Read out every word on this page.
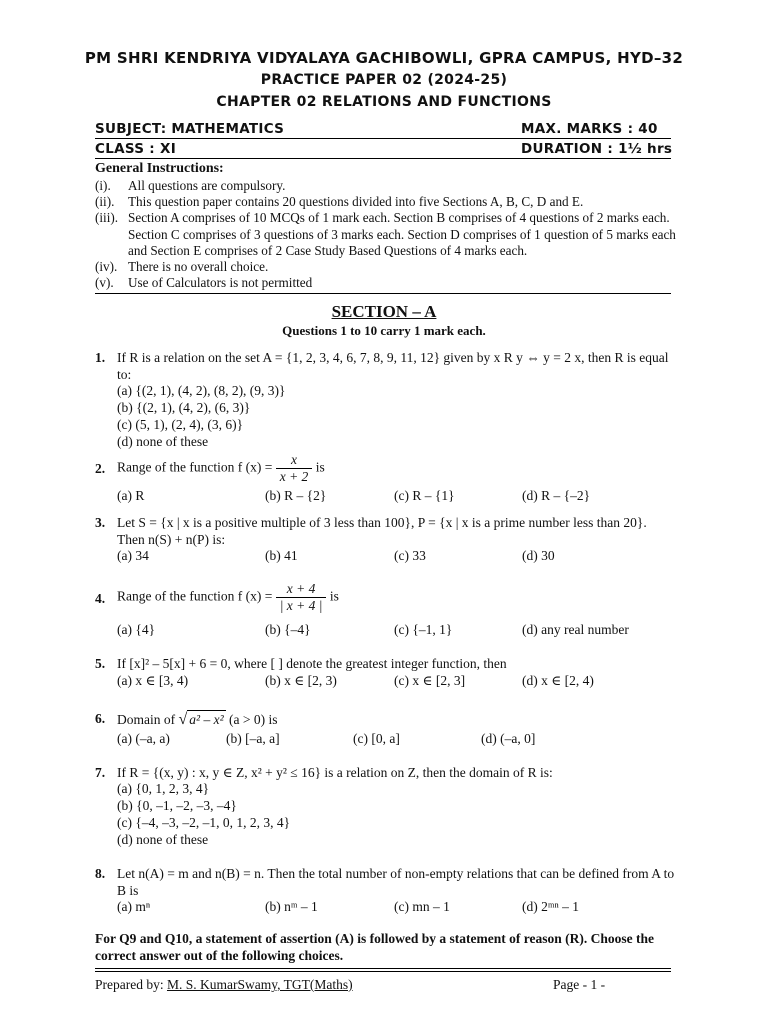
PM SHRI KENDRIYA VIDYALAYA GACHIBOWLI, GPRA CAMPUS, HYD–32
PRACTICE PAPER 02 (2024-25)
CHAPTER 02 RELATIONS AND FUNCTIONS
SUBJECT: MATHEMATICS	MAX. MARKS : 40
CLASS : XI	DURATION : 1½ hrs
General Instructions:
(i). All questions are compulsory.
(ii). This question paper contains 20 questions divided into five Sections A, B, C, D and E.
(iii). Section A comprises of 10 MCQs of 1 mark each. Section B comprises of 4 questions of 2 marks each. Section C comprises of 3 questions of 3 marks each. Section D comprises of 1 question of 5 marks each and Section E comprises of 2 Case Study Based Questions of 4 marks each.
(iv). There is no overall choice.
(v). Use of Calculators is not permitted
SECTION – A
Questions 1 to 10 carry 1 mark each.
1. If R is a relation on the set A = {1, 2, 3, 4, 6, 7, 8, 9, 11, 12} given by x R y ⇔ y = 2 x, then R is equal to:
(a) {(2, 1), (4, 2), (8, 2), (9, 3)}
(b) {(2, 1), (4, 2), (6, 3)}
(c) (5, 1), (2, 4), (3, 6)}
(d) none of these
2. Range of the function f $(x) = \frac{x}{x + 2}$ is
(a) R	(b) R – {2}	(c) R – {1}	(d) R – {–2}
3. Let S = {x | x is a positive multiple of 3 less than 100}, P = {x | x is a prime number less than 20}. Then n(S) + n(P) is:
(a) 34	(b) 41	(c) 33	(d) 30
4. Range of the function f $(x) = \frac{x + 4}{| x + 4 |}$ is
(a) {4}	(b) {–4}	(c) {–1, 1}	(d) any real number
5. If [x]² – 5[x] + 6 = 0, where [ ] denote the greatest integer function, then
(a) x ∈ [3, 4)	(b) x ∈ [2, 3)	(c) x ∈ [2, 3]	(d) x ∈ [2, 4)
6. Domain of √ a² – x² (a > 0) is
(a) (–a, a)	(b) [–a, a]	(c) [0, a]	(d) (–a, 0]
7. If R = {(x, y) : x, y ∈ Z, x² + y² ≤ 16} is a relation on Z, then the domain of R is:
(a) {0, 1, 2, 3, 4}
(b) {0, –1, –2, –3, –4}
(c) {–4, –3, –2, –1, 0, 1, 2, 3, 4}
(d) none of these
8. Let n(A) = m and n(B) = n. Then the total number of non-empty relations that can be defined from A to B is
(a) mⁿ	(b) nᵐ – 1	(c) mn – 1	(d) 2ᵐⁿ – 1
For Q9 and Q10, a statement of assertion (A) is followed by a statement of reason (R). Choose the correct answer out of the following choices.
Prepared by: M. S. KumarSwamy, TGT(Maths)	Page - 1 -
